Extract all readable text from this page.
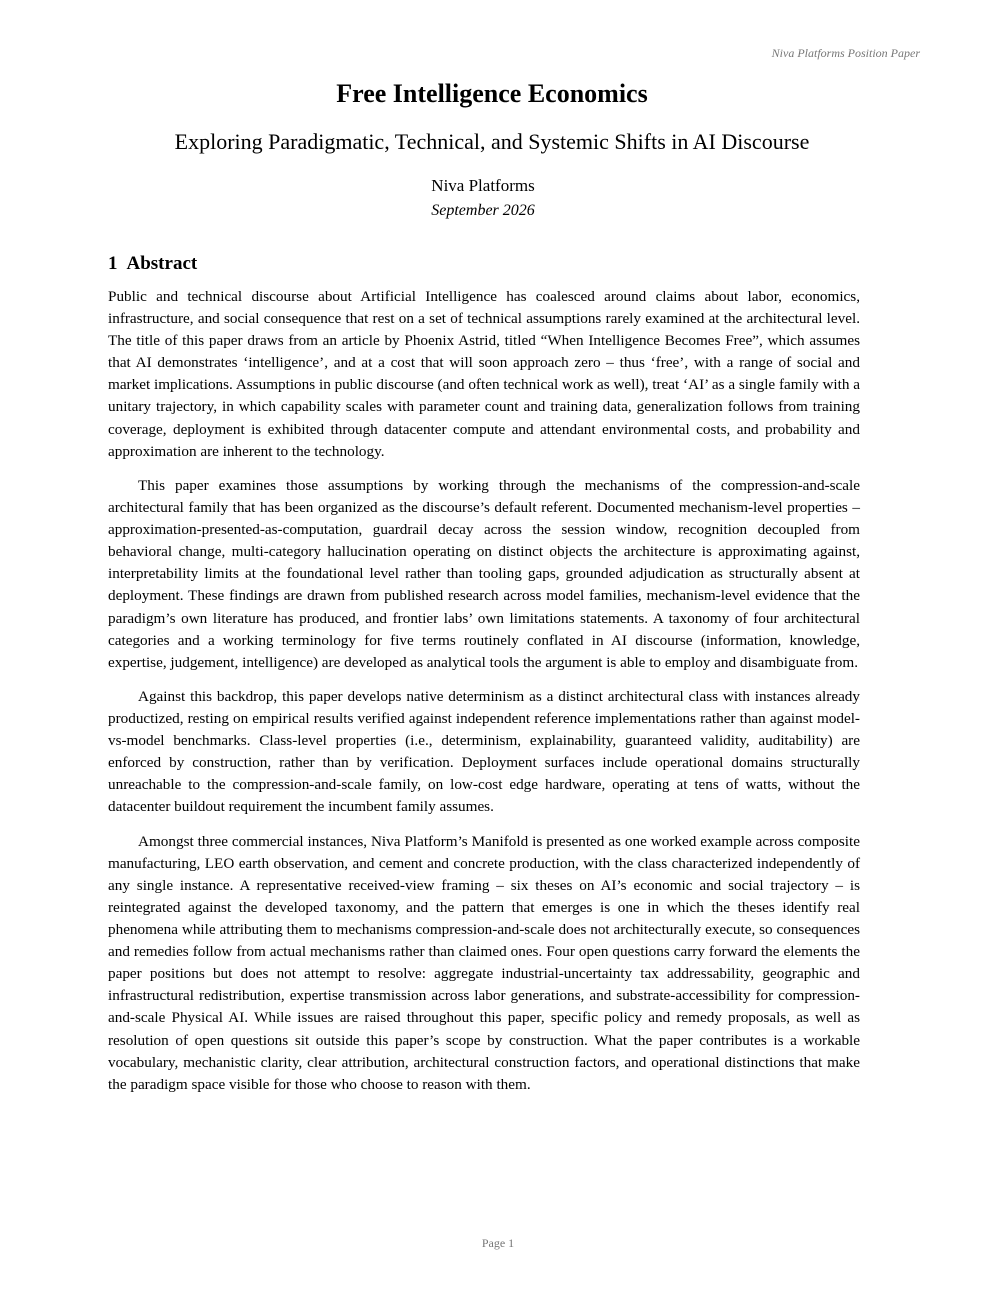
Niva Platforms Position Paper
Free Intelligence Economics
Exploring Paradigmatic, Technical, and Systemic Shifts in AI Discourse
Niva Platforms
September 2026
1 Abstract

Public and technical discourse about Artificial Intelligence has coalesced around claims about labor, economics, infrastructure, and social consequence that rest on a set of technical assumptions rarely examined at the architectural level. The title of this paper draws from an article by Phoenix Astrid, titled “When Intelligence Becomes Free”, which assumes that AI demonstrates ‘intelligence’, and at a cost that will soon approach zero – thus ‘free’, with a range of social and market implications. Assumptions in public discourse (and often technical work as well), treat ‘AI’ as a single family with a unitary trajectory, in which capability scales with parameter count and training data, generalization follows from training coverage, deployment is exhibited through datacenter compute and attendant environmental costs, and probability and approximation are inherent to the technology.

This paper examines those assumptions by working through the mechanisms of the compression-and-scale architectural family that has been organized as the discourse’s default referent. Documented mechanism-level properties – approximation-presented-as-computation, guardrail decay across the session window, recognition decoupled from behavioral change, multi-category hallucination operating on distinct objects the architecture is approximating against, interpretability limits at the foundational level rather than tooling gaps, grounded adjudication as structurally absent at deployment. These findings are drawn from published research across model families, mechanism-level evidence that the paradigm’s own literature has produced, and frontier labs’ own limitations statements. A taxonomy of four architectural categories and a working terminology for five terms routinely conflated in AI discourse (information, knowledge, expertise, judgement, intelligence) are developed as analytical tools the argument is able to employ and disambiguate from.

Against this backdrop, this paper develops native determinism as a distinct architectural class with instances already productized, resting on empirical results verified against independent reference implementations rather than against model-vs-model benchmarks. Class-level properties (i.e., determinism, explainability, guaranteed validity, auditability) are enforced by construction, rather than by verification. Deployment surfaces include operational domains structurally unreachable to the compression-and-scale family, on low-cost edge hardware, operating at tens of watts, without the datacenter buildout requirement the incumbent family assumes.

Amongst three commercial instances, Niva Platform’s Manifold is presented as one worked example across composite manufacturing, LEO earth observation, and cement and concrete production, with the class characterized independently of any single instance. A representative received-view framing – six theses on AI’s economic and social trajectory – is reintegrated against the developed taxonomy, and the pattern that emerges is one in which the theses identify real phenomena while attributing them to mechanisms compression-and-scale does not architecturally execute, so consequences and remedies follow from actual mechanisms rather than claimed ones. Four open questions carry forward the elements the paper positions but does not attempt to resolve: aggregate industrial-uncertainty tax addressability, geographic and infrastructural redistribution, expertise transmission across labor generations, and substrate-accessibility for compression-and-scale Physical AI. While issues are raised throughout this paper, specific policy and remedy proposals, as well as resolution of open questions sit outside this paper’s scope by construction. What the paper contributes is a workable vocabulary, mechanistic clarity, clear attribution, architectural construction factors, and operational distinctions that make the paradigm space visible for those who choose to reason with them.

Page 1
